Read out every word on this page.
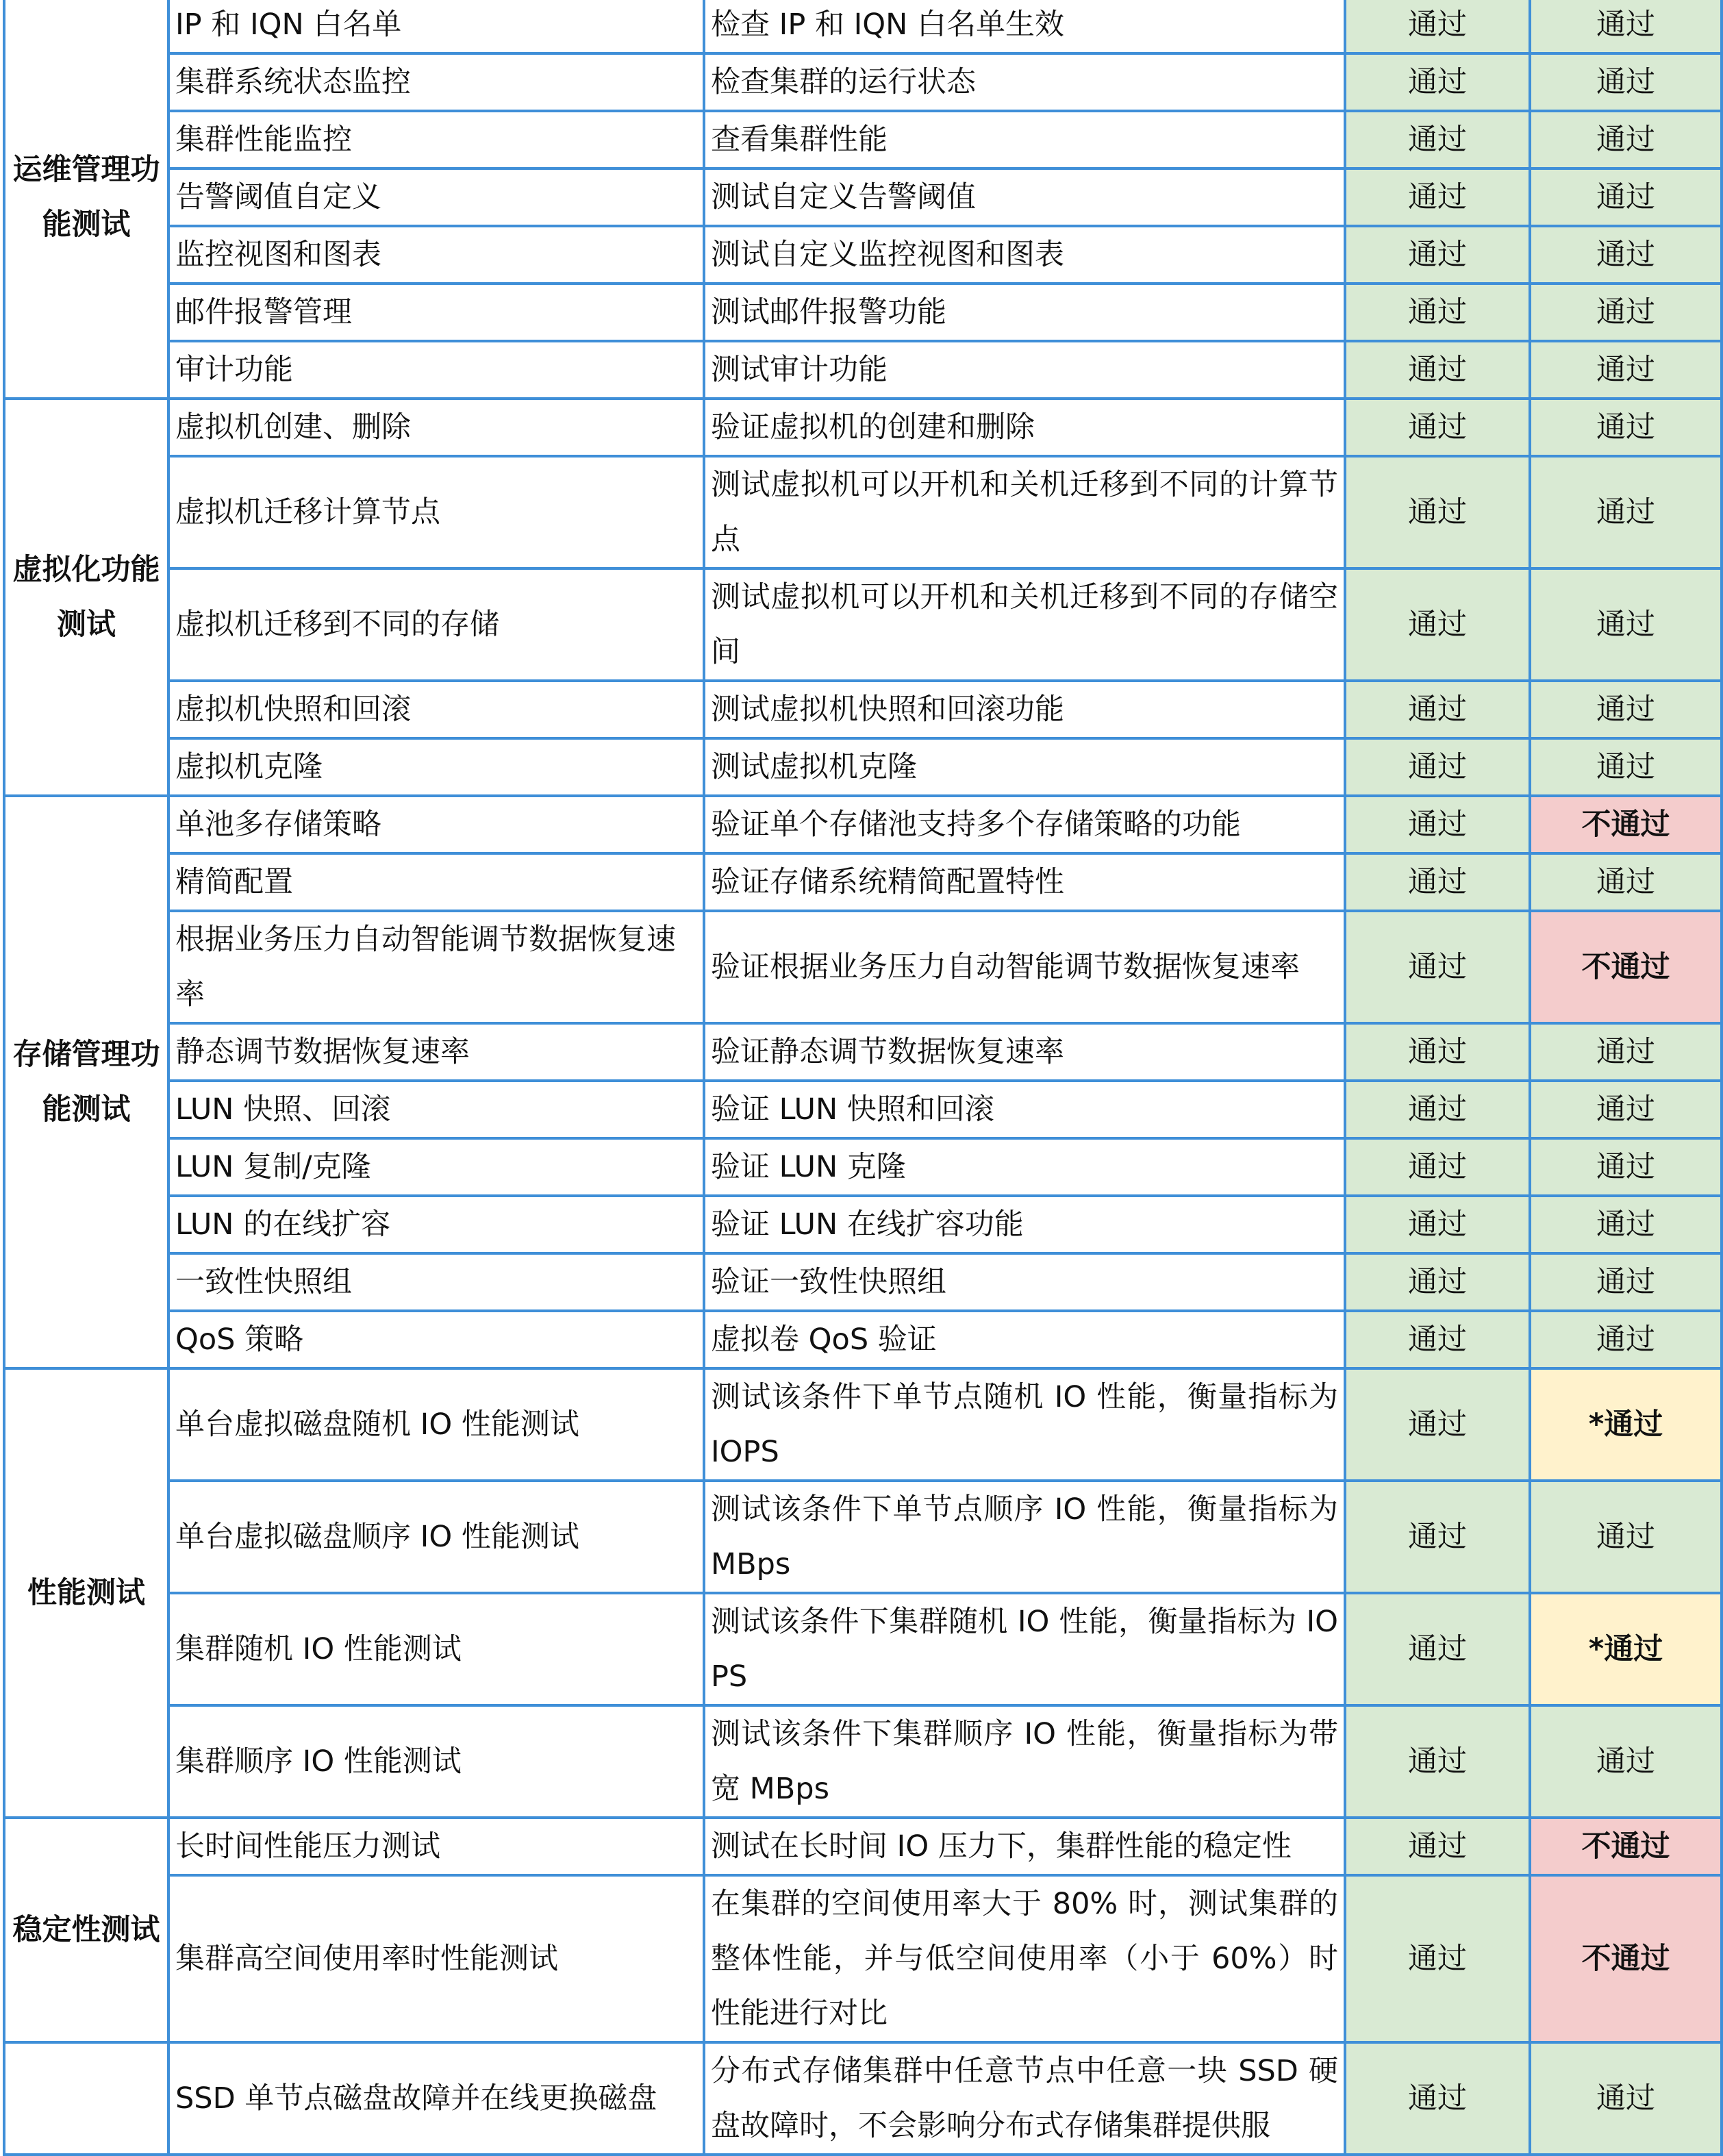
运维管理功能测试	IP 和 IQN 白名单	检查 IP 和 IQN 白名单生效	通过	通过
	集群系统状态监控	检查集群的运行状态	通过	通过
	集群性能监控	查看集群性能	通过	通过
	告警阈值自定义	测试自定义告警阈值	通过	通过
	监控视图和图表	测试自定义监控视图和图表	通过	通过
	邮件报警管理	测试邮件报警功能	通过	通过
	审计功能	测试审计功能	通过	通过
虚拟化功能测试	虚拟机创建、删除	验证虚拟机的创建和删除	通过	通过
	虚拟机迁移计算节点	测试虚拟机可以开机和关机迁移到不同的计算节点	通过	通过
	虚拟机迁移到不同的存储	测试虚拟机可以开机和关机迁移到不同的存储空间	通过	通过
	虚拟机快照和回滚	测试虚拟机快照和回滚功能	通过	通过
	虚拟机克隆	测试虚拟机克隆	通过	通过
存储管理功能测试	单池多存储策略	验证单个存储池支持多个存储策略的功能	通过	不通过
	精简配置	验证存储系统精简配置特性	通过	通过
	根据业务压力自动智能调节数据恢复速率	验证根据业务压力自动智能调节数据恢复速率	通过	不通过
	静态调节数据恢复速率	验证静态调节数据恢复速率	通过	通过
	LUN 快照、回滚	验证 LUN 快照和回滚	通过	通过
	LUN 复制/克隆	验证 LUN 克隆	通过	通过
	LUN 的在线扩容	验证 LUN 在线扩容功能	通过	通过
	一致性快照组	验证一致性快照组	通过	通过
	QoS 策略	虚拟卷 QoS 验证	通过	通过
性能测试	单台虚拟磁盘随机 IO 性能测试	测试该条件下单节点随机 IO 性能，衡量指标为 IOPS	通过	*通过
	单台虚拟磁盘顺序 IO 性能测试	测试该条件下单节点顺序 IO 性能，衡量指标为 MBps	通过	通过
	集群随机 IO 性能测试	测试该条件下集群随机 IO 性能，衡量指标为 IOPS	通过	*通过
	集群顺序 IO 性能测试	测试该条件下集群顺序 IO 性能，衡量指标为带宽 MBps	通过	通过
稳定性测试	长时间性能压力测试	测试在长时间 IO 压力下，集群性能的稳定性	通过	不通过
	集群高空间使用率时性能测试	在集群的空间使用率大于 80% 时，测试集群的整体性能，并与低空间使用率（小于 60%）时性能进行对比	通过	不通过
	SSD 单节点磁盘故障并在线更换磁盘	分布式存储集群中任意节点中任意一块 SSD 硬盘故障时，不会影响分布式存储集群提供服	通过	通过
